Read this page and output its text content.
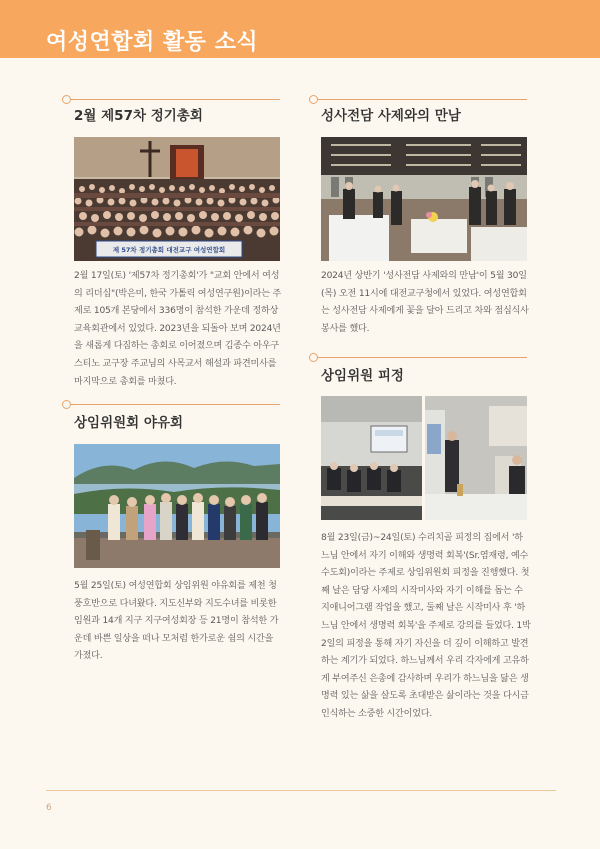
여성연합회 활동 소식
2월 제57차 정기총회
제 57차 정기총회 대전교구 여성연합회

2월 17일(토) '제57차 정기총회'가 "교회 안에서 여성의 리더십"(박은미, 한국 가톨릭 여성연구원)이라는 주제로 105개 본당에서 336명이 참석한 가운데 정하상 교육회관에서 있었다. 2023년을 되돌아 보며 2024년을 새롭게 다짐하는 총회로 이어졌으며 김종수 아우구스티노 교구장 주교님의 사목교서 해설과 파견미사를 마지막으로 총회를 마쳤다.

성사전담 사제와의 만남

2024년 상반기 '성사전담 사제와의 만남'이 5월 30일(목) 오전 11시에 대전교구청에서 있었다. 여성연합회는 성사전담 사제에게 꽃을 달아 드리고 차와 점심식사 봉사를 했다.

상임위원회 야유회

5월 25일(토) 여성연합회 상임위원 야유회를 제천 청풍호반으로 다녀왔다. 지도신부와 지도수녀를 비롯한 임원과 14개 지구 지구여성회장 등 21명이 참석한 가운데 바쁜 일상을 떠나 모처럼 한가로운 쉼의 시간을 가졌다.

상임위원 피정

8월 23일(금)~24일(토) 수리치골 피정의 집에서 '하느님 안에서 자기 이해와 생명력 회복'(Sr.염재령, 예수수도회)이라는 주제로 상임위원회 피정을 진행했다. 첫째 날은 담당 사제의 시작미사와 자기 이해를 돕는 수지애니어그램 작업을 했고, 둘째 날은 시작미사 후 '하느님 안에서 생명력 회복'을 주제로 강의를 들었다. 1박 2일의 피정을 통해 자기 자신을 더 깊이 이해하고 발견하는 계기가 되었다. 하느님께서 우리 각자에게 고유하게 부여주신 은총에 감사하며 우리가 하느님을 닮은 생명력 있는 삶을 살도록 초대받은 삶이라는 것을 다시금 인식하는 소중한 시간이었다.

6
